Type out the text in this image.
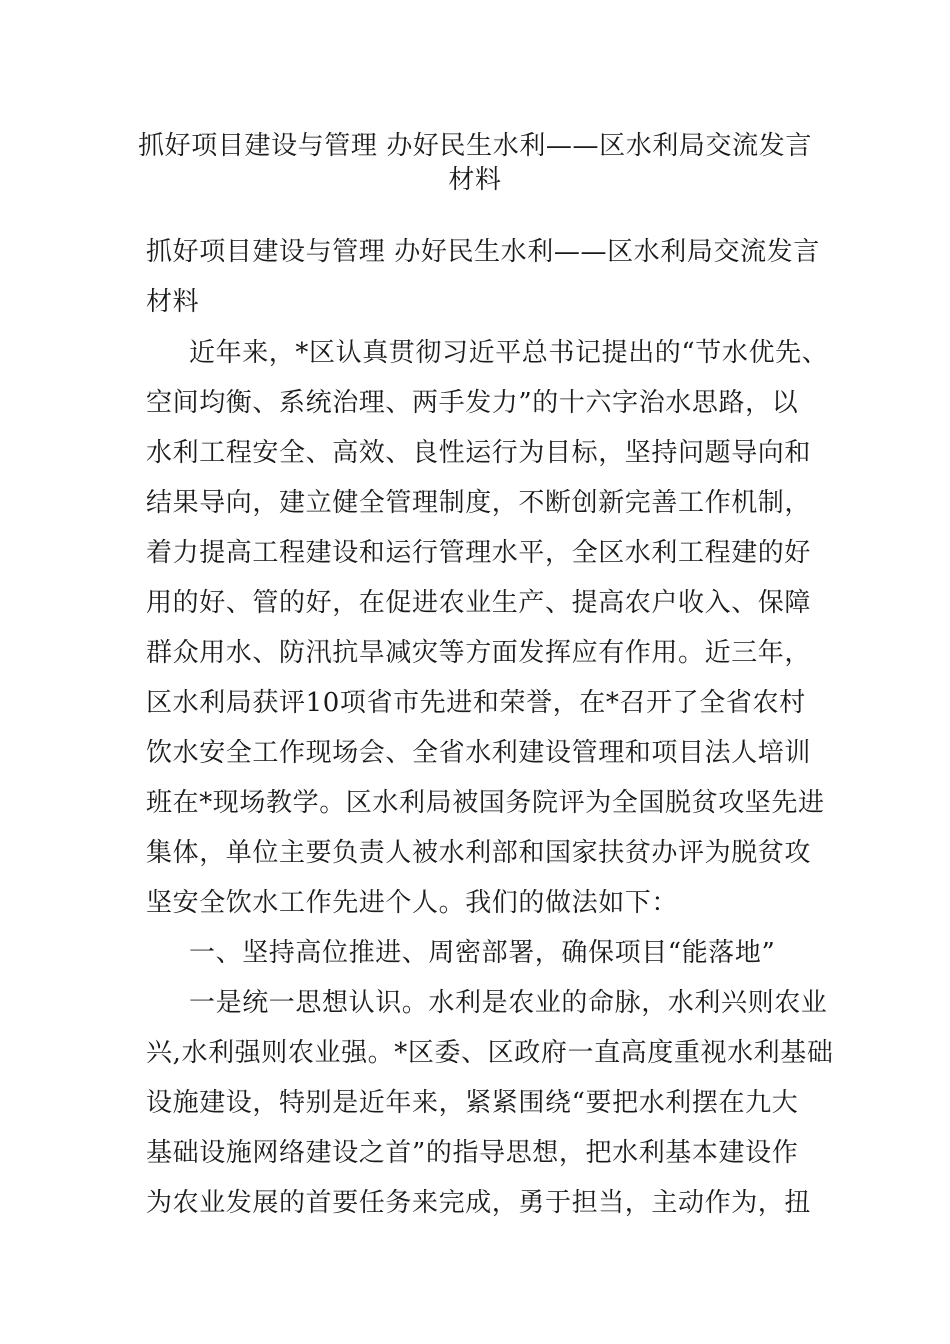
抓好项目建设与管理 办好民生水利——区水利局交流发言
材料
抓好项目建设与管理 办好民生水利——区水利局交流发言
材料
近年来，*区认真贯彻习近平总书记提出的“节水优先、
空间均衡、系统治理、两手发力”的十六字治水思路，以
水利工程安全、高效、良性运行为目标，坚持问题导向和
结果导向，建立健全管理制度，不断创新完善工作机制，
着力提高工程建设和运行管理水平，全区水利工程建的好
用的好、管的好，在促进农业生产、提高农户收入、保障
群众用水、防汛抗旱减灾等方面发挥应有作用。近三年，
区水利局获评10项省市先进和荣誉，在*召开了全省农村
饮水安全工作现场会、全省水利建设管理和项目法人培训
班在*现场教学。区水利局被国务院评为全国脱贫攻坚先进
集体，单位主要负责人被水利部和国家扶贫办评为脱贫攻
坚安全饮水工作先进个人。我们的做法如下：
一、坚持高位推进、周密部署，确保项目“能落地”
一是统一思想认识。水利是农业的命脉，水利兴则农业
兴,水利强则农业强。*区委、区政府一直高度重视水利基础
设施建设，特别是近年来，紧紧围绕“要把水利摆在九大
基础设施网络建设之首”的指导思想，把水利基本建设作
为农业发展的首要任务来完成，勇于担当，主动作为，扭
